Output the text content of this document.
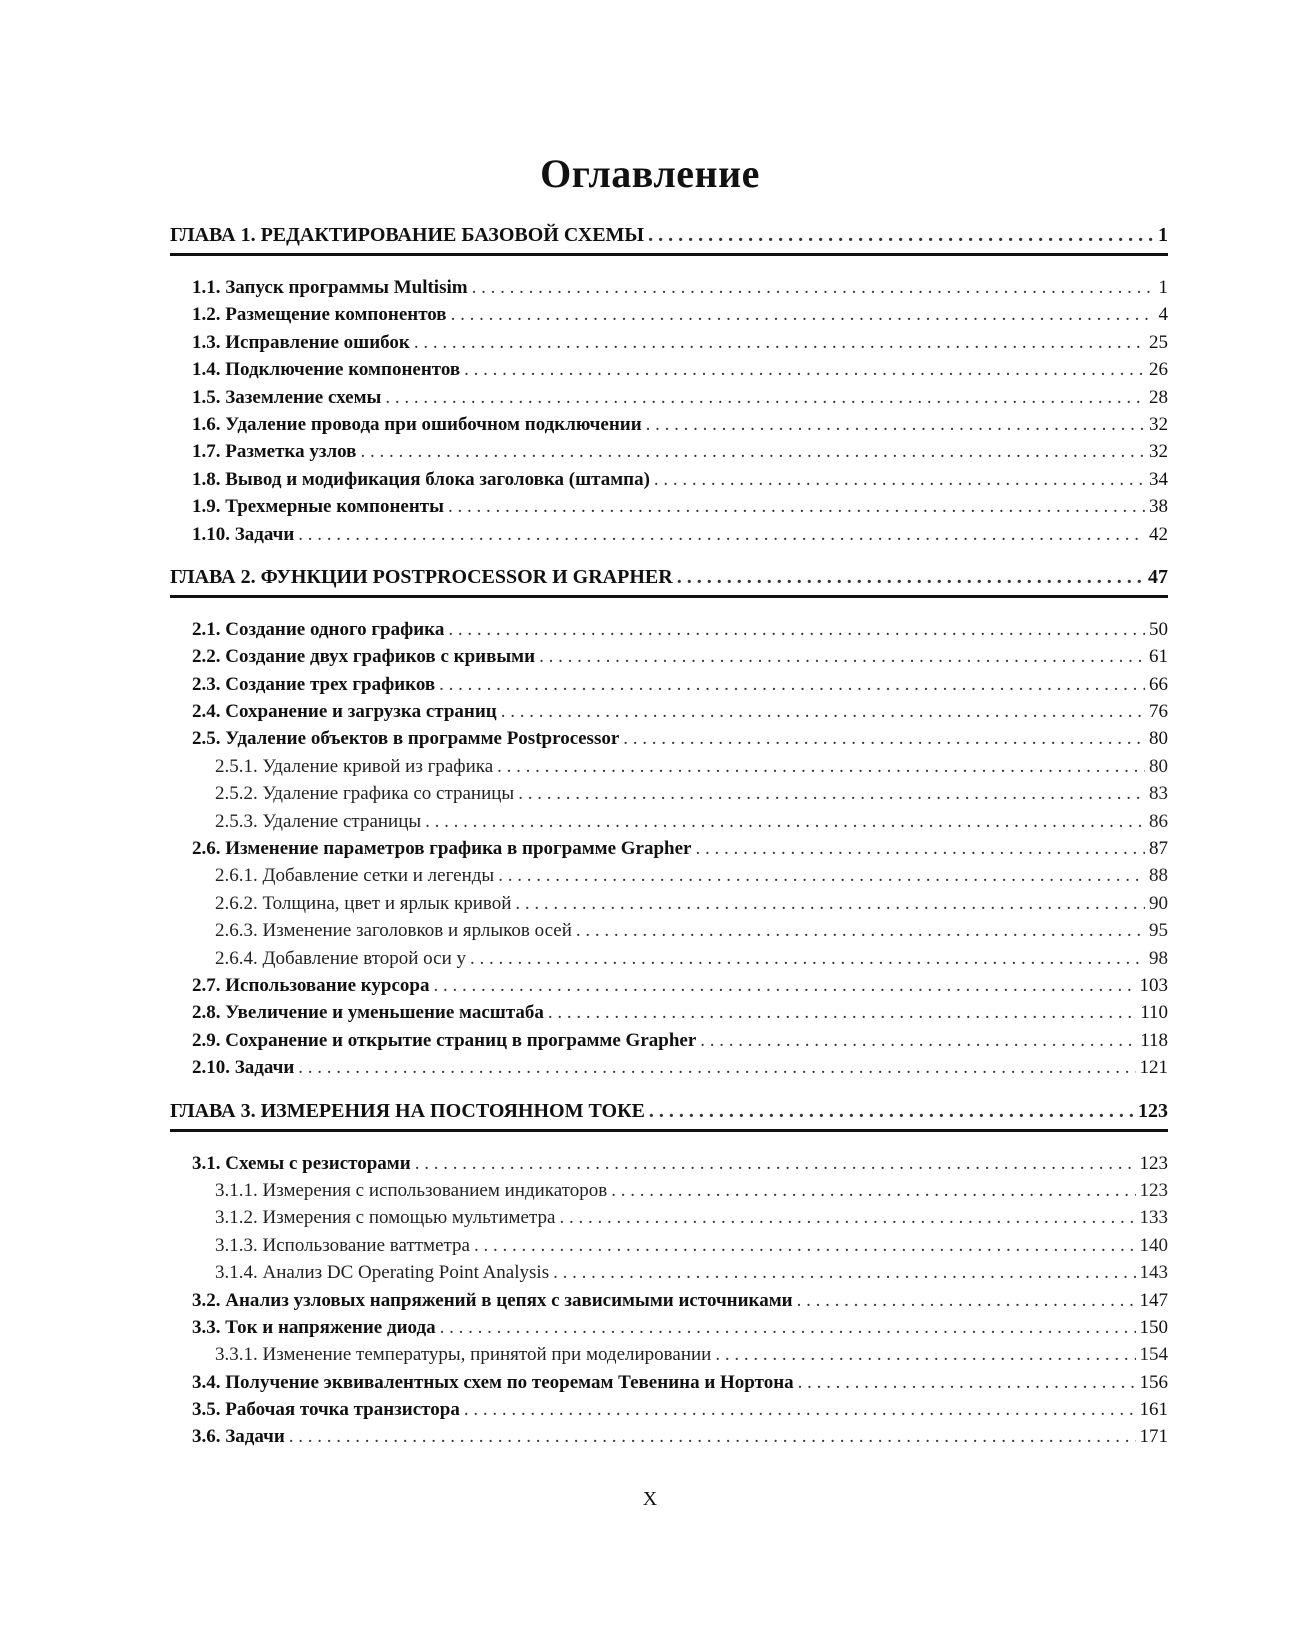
Оглавление
ГЛАВА 1. РЕДАКТИРОВАНИЕ БАЗОВОЙ СХЕМЫ . . .	1
1.1. Запуск программы Multisim . . .	1
1.2. Размещение компонентов . . .	4
1.3. Исправление ошибок . . .	25
1.4. Подключение компонентов . . .	26
1.5. Заземление схемы . . .	28
1.6. Удаление провода при ошибочном подключении . . .	32
1.7. Разметка узлов . . .	32
1.8. Вывод и модификация блока заголовка (штампа) . . .	34
1.9. Трехмерные компоненты . . .	38
1.10. Задачи . . .	42
ГЛАВА 2. ФУНКЦИИ POSTPROCESSOR И GRAPHER . . .	47
2.1. Создание одного графика . . .	50
2.2. Создание двух графиков с кривыми . . .	61
2.3. Создание трех графиков . . .	66
2.4. Сохранение и загрузка страниц . . .	76
2.5. Удаление объектов в программе Postprocessor . . .	80
2.5.1. Удаление кривой из графика . . .	80
2.5.2. Удаление графика со страницы . . .	83
2.5.3. Удаление страницы . . .	86
2.6. Изменение параметров графика в программе Grapher . . .	87
2.6.1. Добавление сетки и легенды . . .	88
2.6.2. Толщина, цвет и ярлык кривой . . .	90
2.6.3. Изменение заголовков и ярлыков осей . . .	95
2.6.4. Добавление второй оси y . . .	98
2.7. Использование курсора . . .	103
2.8. Увеличение и уменьшение масштаба . . .	110
2.9. Сохранение и открытие страниц в программе Grapher . . .	118
2.10. Задачи . . .	121
ГЛАВА 3. ИЗМЕРЕНИЯ НА ПОСТОЯННОМ ТОКЕ . . .	123
3.1. Схемы с резисторами . . .	123
3.1.1. Измерения с использованием индикаторов . . .	123
3.1.2. Измерения с помощью мультиметра . . .	133
3.1.3. Использование ваттметра . . .	140
3.1.4. Анализ DC Operating Point Analysis . . .	143
3.2. Анализ узловых напряжений в цепях с зависимыми источниками . . .	147
3.3. Ток и напряжение диода . . .	150
3.3.1. Изменение температуры, принятой при моделировании . . .	154
3.4. Получение эквивалентных схем по теоремам Тевенина и Нортона . . .	156
3.5. Рабочая точка транзистора . . .	161
3.6. Задачи . . .	171
X
